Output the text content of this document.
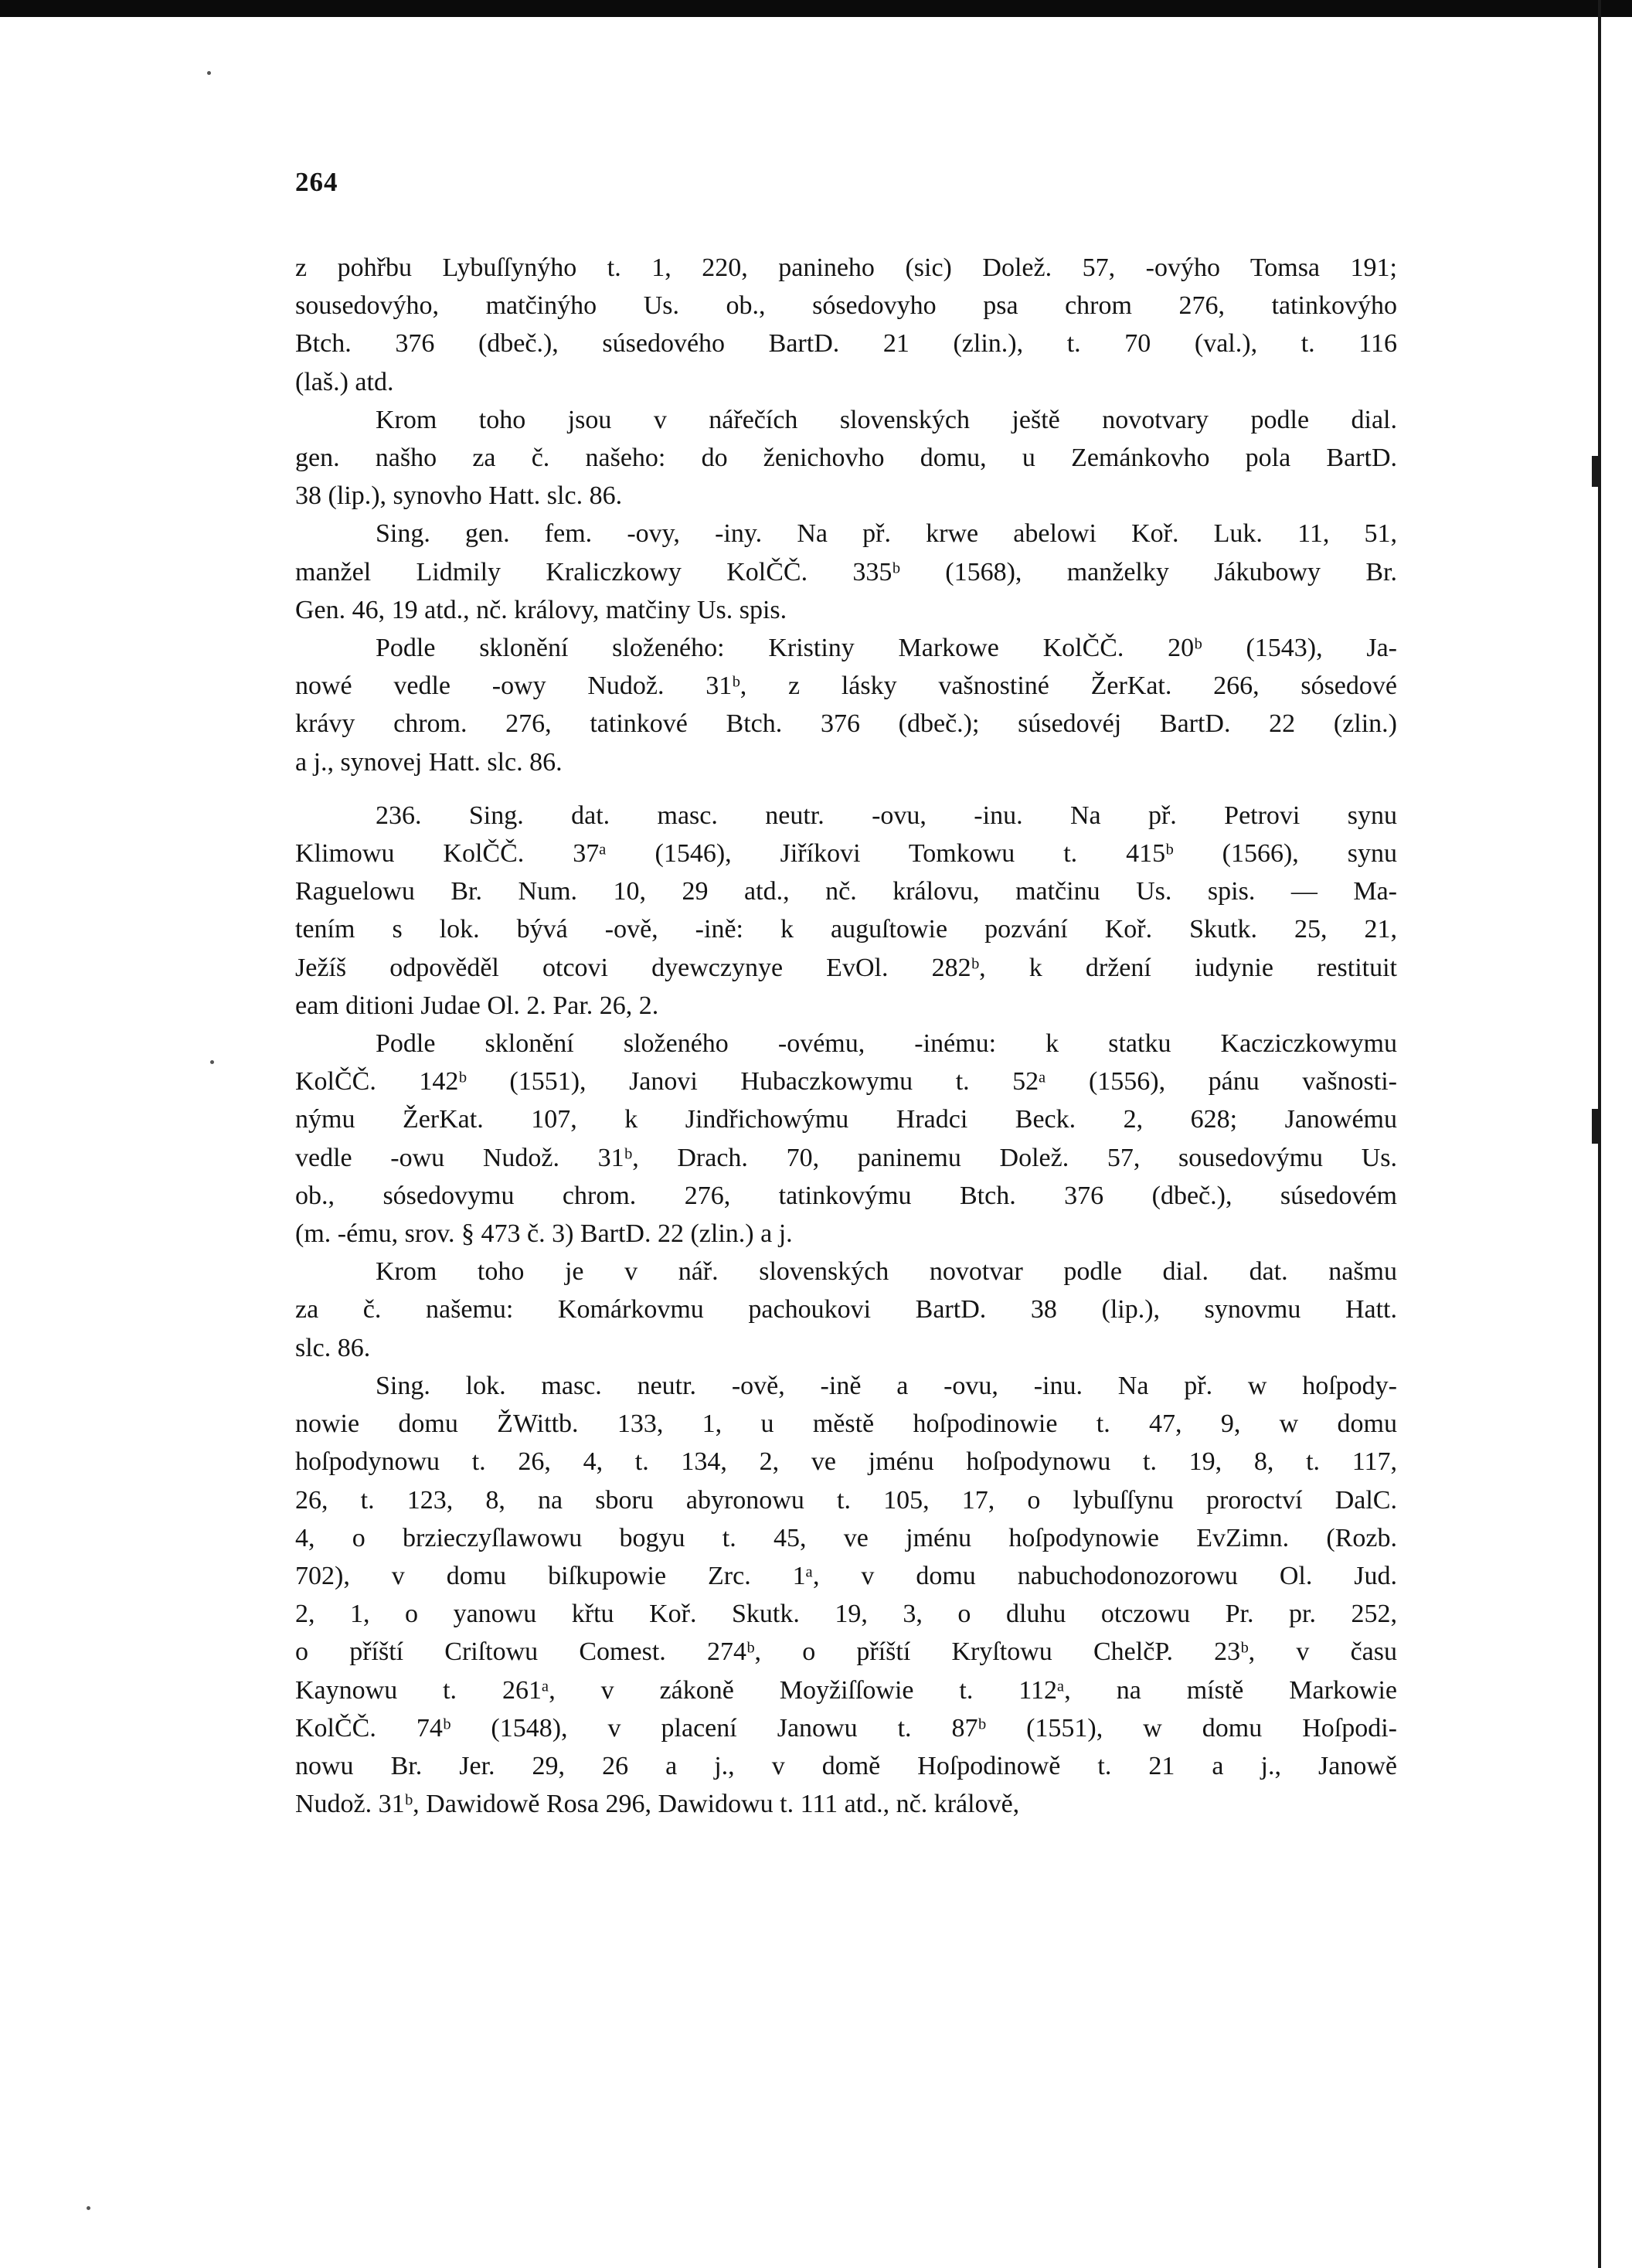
264
z pohřbu Lybuſſynýho t. 1, 220, panineho (sic) Dolež. 57, -ovýho Tomsa 191;
sousedovýho, matčinýho Us. ob., sósedovyho psa chrom 276, tatinkovýho
Btch. 376 (dbeč.), súsedového BartD. 21 (zlin.), t. 70 (val.), t. 116
(laš.) atd.
Krom toho jsou v nářečích slovenských ještě novotvary podle dial.
gen. našho za č. našeho: do ženichovho domu, u Zemánkovho pola BartD.
38 (lip.), synovho Hatt. slc. 86.
Sing. gen. fem. -ovy, -iny. Na př. krwe abelowi Koř. Luk. 11, 51,
manžel Lidmily Kraliczkowy KolČČ. 335ᵇ (1568), manželky Jákubowy Br.
Gen. 46, 19 atd., nč. královy, matčiny Us. spis.
Podle sklonění složeného: Kristiny Markowe KolČČ. 20ᵇ (1543), Ja-
nowé vedle -owy Nudož. 31ᵇ, z lásky vašnostiné ŽerKat. 266, sósedové
krávy chrom. 276, tatinkové Btch. 376 (dbeč.); súsedovéj BartD. 22 (zlin.)
a j., synovej Hatt. slc. 86.
236. Sing. dat. masc. neutr. -ovu, -inu. Na př. Petrovi synu
Klimowu KolČČ. 37ᵃ (1546), Jiříkovi Tomkowu t. 415ᵇ (1566), synu
Raguelowu Br. Num. 10, 29 atd., nč. královu, matčinu Us. spis. — Ma-
tením s lok. bývá -ově, -ině: k auguſtowie pozvání Koř. Skutk. 25, 21,
Ježíš odpověděl otcovi dyewczynye EvOl. 282ᵇ, k držení iudynie restituit
eam ditioni Judae Ol. 2. Par. 26, 2.
Podle sklonění složeného -ovému, -inému: k statku Kacziczkowymu
KolČČ. 142ᵇ (1551), Janovi Hubaczkowymu t. 52ᵃ (1556), pánu vašnosti-
nýmu ŽerKat. 107, k Jindřichowýmu Hradci Beck. 2, 628; Janowému
vedle -owu Nudož. 31ᵇ, Drach. 70, paninemu Dolež. 57, sousedovýmu Us.
ob., sósedovymu chrom. 276, tatinkovýmu Btch. 376 (dbeč.), súsedovém
(m. -ému, srov. § 473 č. 3) BartD. 22 (zlin.) a j.
Krom toho je v nář. slovenských novotvar podle dial. dat. našmu
za č. našemu: Komárkovmu pachoukovi BartD. 38 (lip.), synovmu Hatt.
slc. 86.
Sing. lok. masc. neutr. -ově, -ině a -ovu, -inu. Na př. w hoſpody-
nowie domu ŽWittb. 133, 1, u městě hoſpodinowie t. 47, 9, w domu
hoſpodynowu t. 26, 4, t. 134, 2, ve jménu hoſpodynowu t. 19, 8, t. 117,
26, t. 123, 8, na sboru abyronowu t. 105, 17, o lybuſſynu proroctví DalC.
4, o brzieczyſlawowu bogyu t. 45, ve jménu hoſpodynowie EvZimn. (Rozb.
702), v domu biſkupowie Zrc. 1ᵃ, v domu nabuchodonozorowu Ol. Jud.
2, 1, o yanowu křtu Koř. Skutk. 19, 3, o dluhu otczowu Pr. pr. 252,
o příští Criſtowu Comest. 274ᵇ, o příští Kryſtowu ChelčP. 23ᵇ, v času
Kaynowu t. 261ᵃ, v zákoně Moyžiſſowie t. 112ᵃ, na místě Markowie
KolČČ. 74ᵇ (1548), v placení Janowu t. 87ᵇ (1551), w domu Hoſpodi-
nowu Br. Jer. 29, 26 a j., v domě Hoſpodinowě t. 21 a j., Janowě
Nudož. 31ᵇ, Dawidowě Rosa 296, Dawidowu t. 111 atd., nč. králově,
